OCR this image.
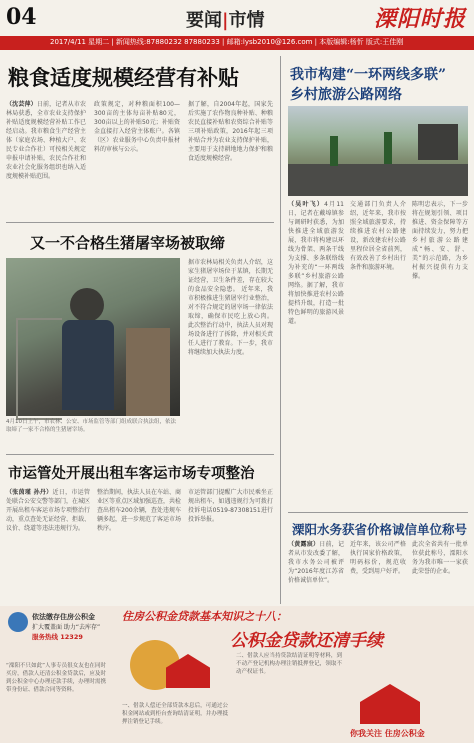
04	要闻|市情	溧阳时报
2017/4/11 星期二 | 新闻热线:87880232 87880233 | 邮箱:lysb2010@126.com | 本版编辑:杨忻 版式:王佳刚
粮食适度规模经营有补贴
（沈芸萍）日前，记者从市农林局获悉，全市农业支持保护补贴适度规模经营补贴工作已经启动。我市粮食生产经营主体（家庭农场、种植大户、农民专业合作社）可按相关规定申报申请补贴，农民合作社和农业社会化服务组织也纳入适度规模补贴范围。
政策规定，对种粮面积100—300亩的主体每亩补贴80元，300亩以上的补贴50元；补贴资金直接打入经营主体账户。各镇（区）农业服务中心负责申报材料的审核与公示。
据了解，自2004年起，国家先后实施了农作物良种补贴、种粮农民直接补贴和农资综合补贴等三项补贴政策，2016年起三项补贴合并为农业支持保护补贴，主要用于支持耕地地力保护和粮食适度规模经营。
又一不合格生猪屠宰场被取缔
4月10日上午，市农林、公安、市场监管等部门组成联合执法组，依法取缔了一家不合格的生猪屠宰场。
据市农林局相关负责人介绍，这家生猪屠宰场位于某镇，长期无证经营，卫生条件差，存在较大的食品安全隐患。 近年来，我市积极推进生猪屠宰行业整治，对不符合规定的屠宰场一律依法取缔，确保市民吃上放心肉。 此次整治行动中，执法人员对现场设备进行了拆除，并对相关责任人进行了教育。下一步，我市将继续加大执法力度。
市运管处开展出租车客运市场专项整治
（张茵瑾 孙丹）近日，市运管处联合公安交警等部门，在城区开展出租车客运市场专项整治行动，重点查处无证经营、拒载、议价、绕道等违法违规行为。
整治期间，执法人员在车站、商业区等重点区域加强巡查，共检查出租车200余辆，查处违规车辆多起，进一步规范了客运市场秩序。
市运管部门提醒广大市民乘坐正规出租车，如遇违规行为可拨打投诉电话0519-87308151进行投诉举报。
我市构建“一环两线多联”
乡村旅游公路网络
（吴叶飞）4月11日，记者在戴埠镇参与调研时获悉，为加快推进全域旅游发展，我市将构建以环线为骨架、两条干线为支撑、多条联络线为补充的“一环两线多联”乡村旅游公路网络。据了解，我市将加快推进农村公路提档升级，打造一批特色鲜明的旅游风景道。
交通部门负责人介绍，近年来，我市按照全域旅游要求，持续推进农村公路建设，新改建农村公路里程位居全省前列，有效改善了乡村出行条件和旅游环境。
陈明忠表示，下一步将在规划引领、项目推进、资金保障等方面持续发力，努力把乡村旅游公路建成“畅、安、舒、美”的示范路，为乡村振兴提供有力支撑。
溧阳水务获省价格诚信单位称号
（黄露宸）日前，记者从市发改委了解，我市水务公司被评为“2016年度江苏省价格诚信单位”。
近年来，该公司严格执行国家价格政策，明码标价，规范收费，受到用户好评。
此次全省共有一批单位获此称号，溧阳水务为我市唯一一家获此荣誉的企业。
住房公积金贷款基本知识之十八：
公积金贷款还清手续
依法缴存住房公积金
扩大覆盖面 助力“去库存”
服务热线 12329
“溧阳不只如此”人事专员很女友也在同时买房，借款人还清公积金贷款后，应及时到公积金中心办理还款手续，办理时需携带身份证、借款合同等资料。
一、借款人偿还全部贷款本息后，可通过公积金网站或到柜台查询结清证明，并办理抵押注销登记手续。
二、借款人应当持贷款结清证明等材料，到不动产登记机构办理注销抵押登记，领取不动产权证书。
你我关注 住房公积金
